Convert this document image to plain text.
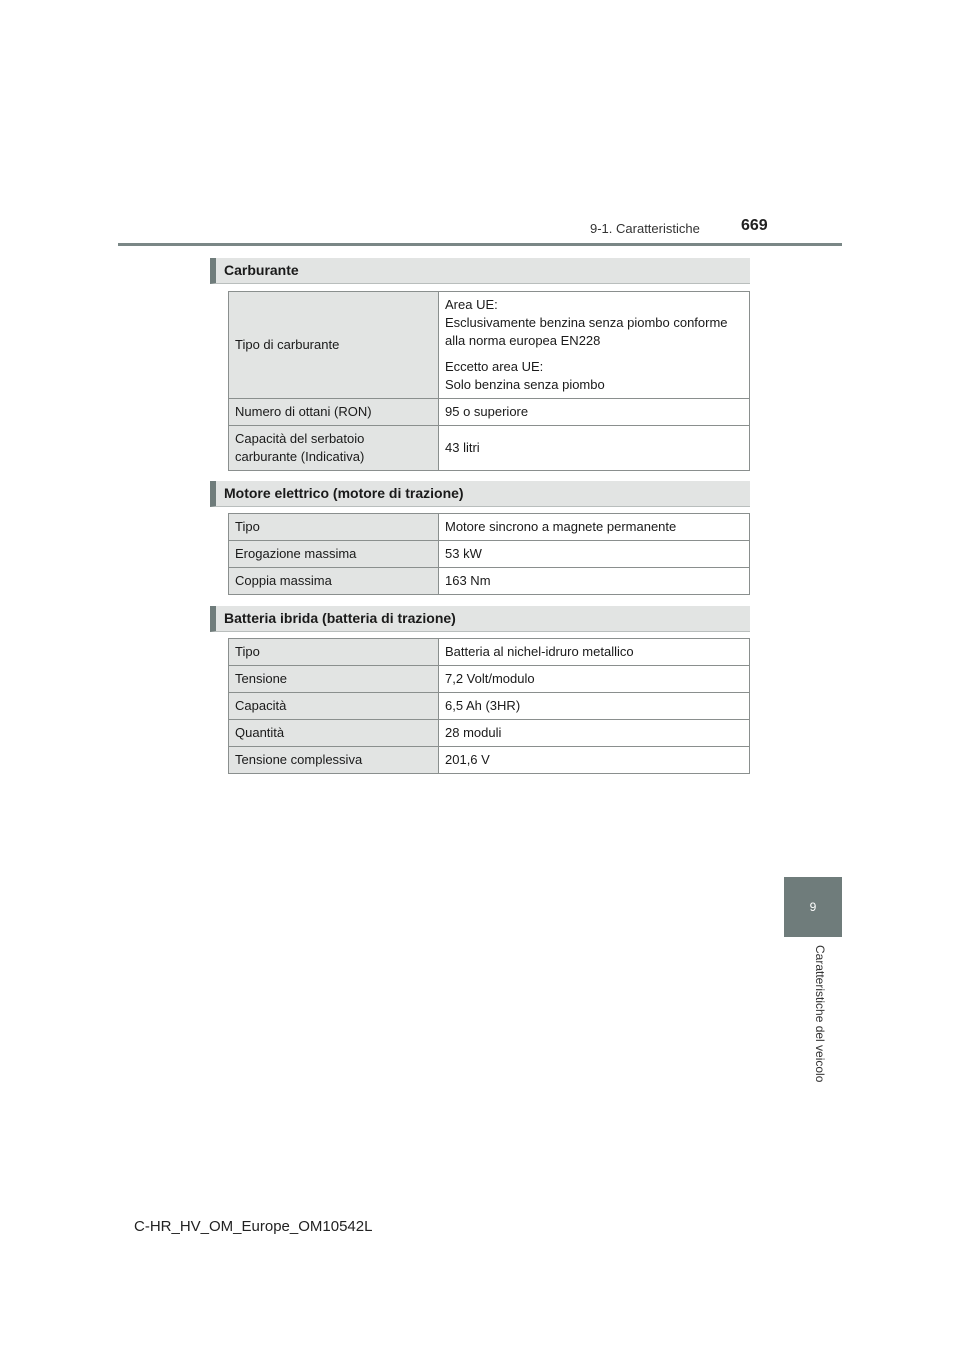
9-1. Caratteristiche	669
9
Caratteristiche del veicolo
Carburante
Tipo di carburante	Area UE:
Esclusivamente benzina senza piombo conforme
alla norma europea EN228

Eccetto area UE:
Solo benzina senza piombo

Numero di ottani (RON)	95 o superiore

Capacità del serbatoio
carburante (Indicativa)	43 litri
Motore elettrico (motore di trazione)
Tipo	Motore sincrono a magnete permanente
Erogazione massima	53 kW
Coppia massima	163 Nm
Batteria ibrida (batteria di trazione)
Tipo	Batteria al nichel-idruro metallico
Tensione	7,2 Volt/modulo
Capacità	6,5 Ah (3HR)
Quantità	28 moduli
Tensione complessiva	201,6 V
C-HR_HV_OM_Europe_OM10542L
